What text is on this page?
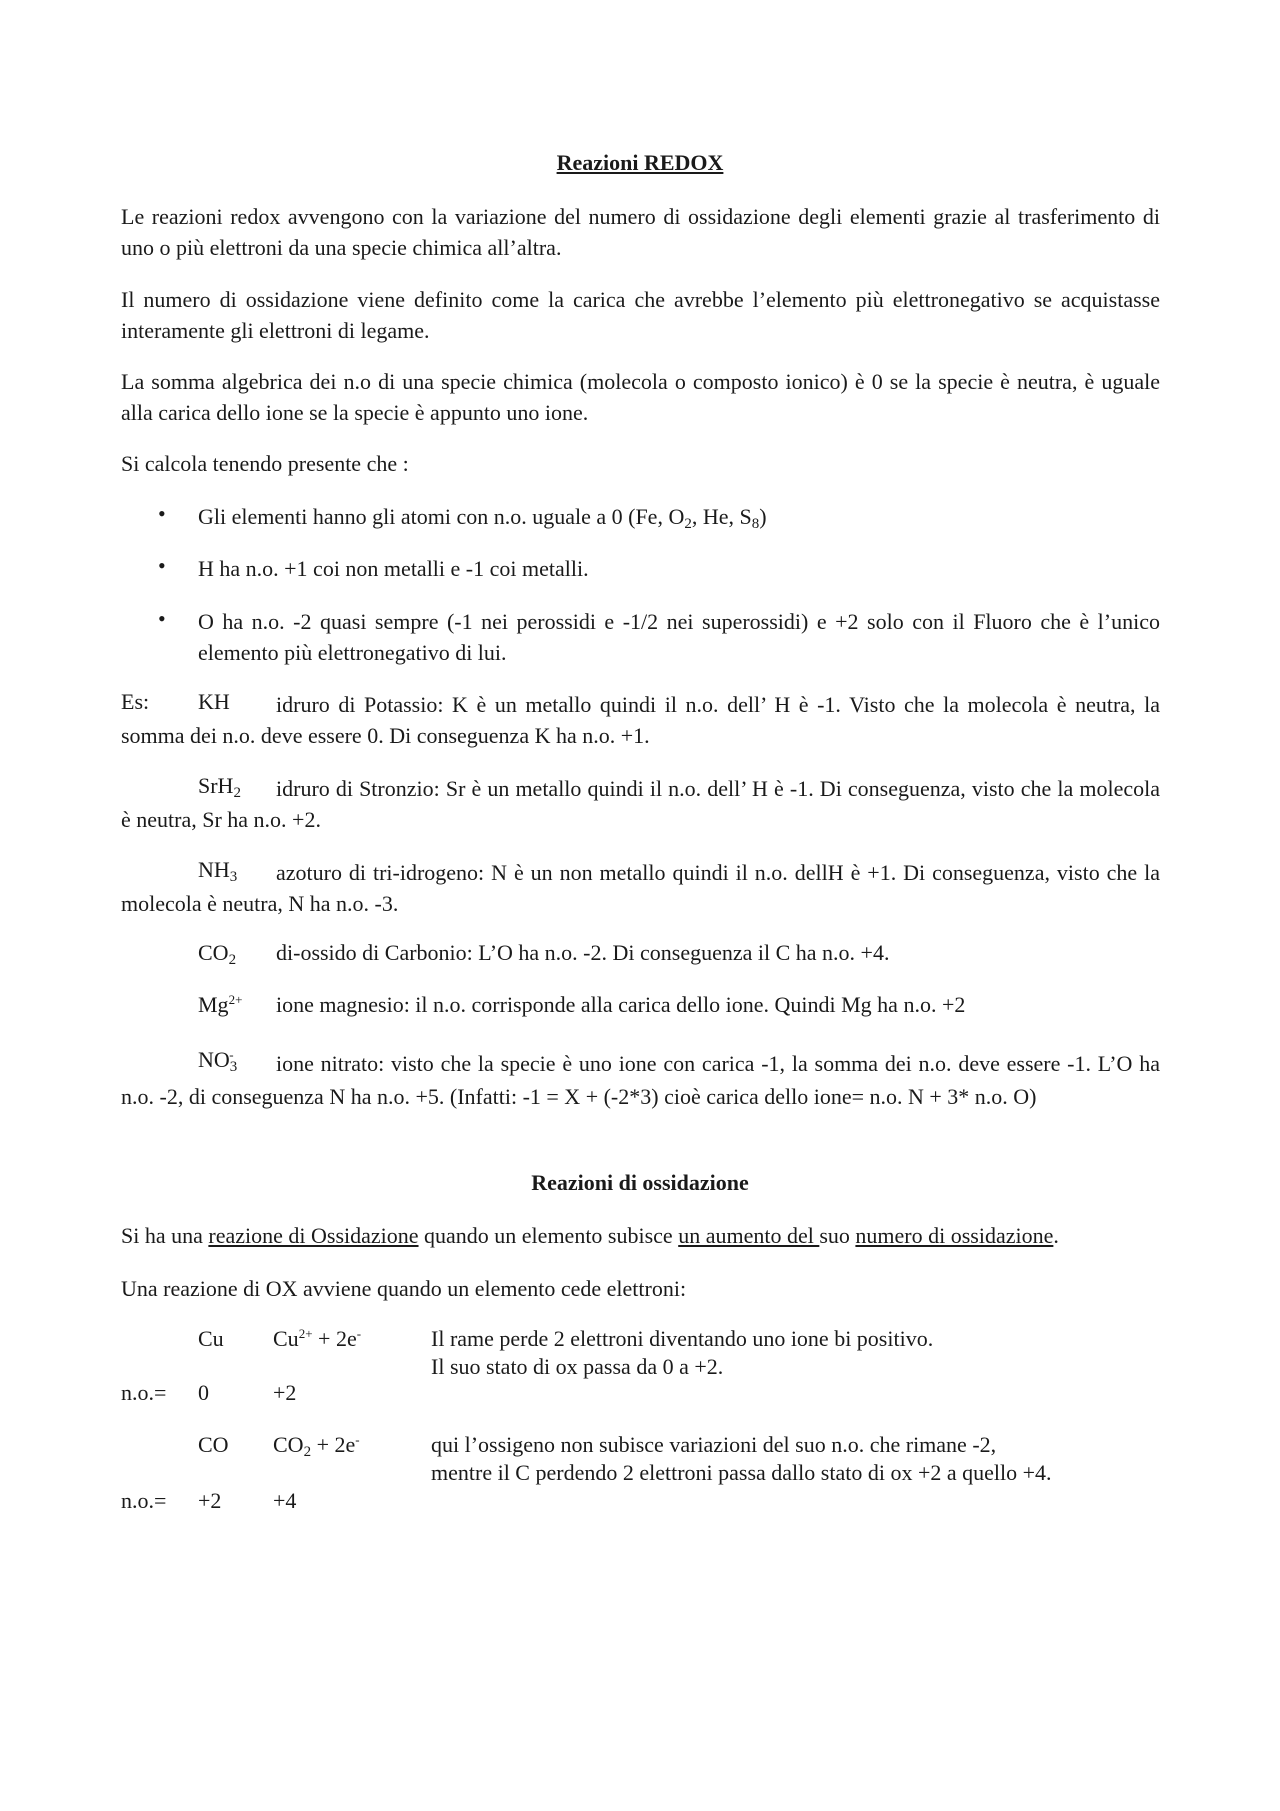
Reazioni REDOX
Le reazioni redox avvengono con la variazione del numero di ossidazione degli elementi grazie al trasferimento di uno o più elettroni da una specie chimica all’altra.
Il numero di ossidazione viene definito come la carica che avrebbe l’elemento più elettronegativo se acquistasse interamente gli elettroni di legame.
La somma algebrica dei n.o di una specie chimica (molecola o composto ionico) è 0 se la specie è neutra, è uguale alla carica dello ione se la specie è appunto uno ione.
Si calcola tenendo presente che :
• Gli elementi hanno gli atomi con n.o. uguale a 0 (Fe, $O_2$, He, $S_8$)
• H ha n.o. +1 coi non metalli e -1 coi metalli.
• O ha n.o. -2 quasi sempre (-1 nei perossidi e -1/2 nei superossidi) e +2 solo con il Fluoro che è l’unico elemento più elettronegativo di lui.
Es: KH	idruro di Potassio: K è un metallo quindi il n.o. dell’ H è -1. Visto che la molecola è neutra, la somma dei n.o. deve essere 0. Di conseguenza K ha n.o. +1.
SrH$_2$	idruro di Stronzio: Sr è un metallo quindi il n.o. dell’ H è -1. Di conseguenza, visto che la molecola è neutra, Sr ha n.o. +2.
$NH_3$	azoturo di tri-idrogeno: N è un non metallo quindi il n.o. dellH è +1. Di conseguenza, visto che la molecola è neutra, N ha n.o. -3.
$CO_2$ di-ossido di Carbonio: L’O ha n.o. -2. Di conseguenza il C ha n.o. +4.
$Mg^{2+}$ ione magnesio: il n.o. corrisponde alla carica dello ione. Quindi Mg ha n.o. +2
$NO_3^-$	ione nitrato: visto che la specie è uno ione con carica -1, la somma dei n.o. deve essere -1. L’O ha n.o. -2, di conseguenza N ha n.o. +5. (Infatti: -1 = X + (-2*3) cioè carica dello ione= n.o. N + 3* n.o. O)
Reazioni di ossidazione
Si ha una reazione di Ossidazione quando un elemento subisce un aumento del suo numero di ossidazione.
Una reazione di OX avviene quando un elemento cede elettroni:
Cu $Cu^{2+} + 2e^-$	Il rame perde 2 elettroni diventando uno ione bi positivo.
Il suo stato di ox passa da 0 a +2.
n.o.= 0	+2
CO $CO_2 + 2e^-$	qui l’ossigeno non subisce variazioni del suo n.o. che rimane -2,
mentre il C perdendo 2 elettroni passa dallo stato di ox +2 a quello +4.
n.o.= +2 +4
